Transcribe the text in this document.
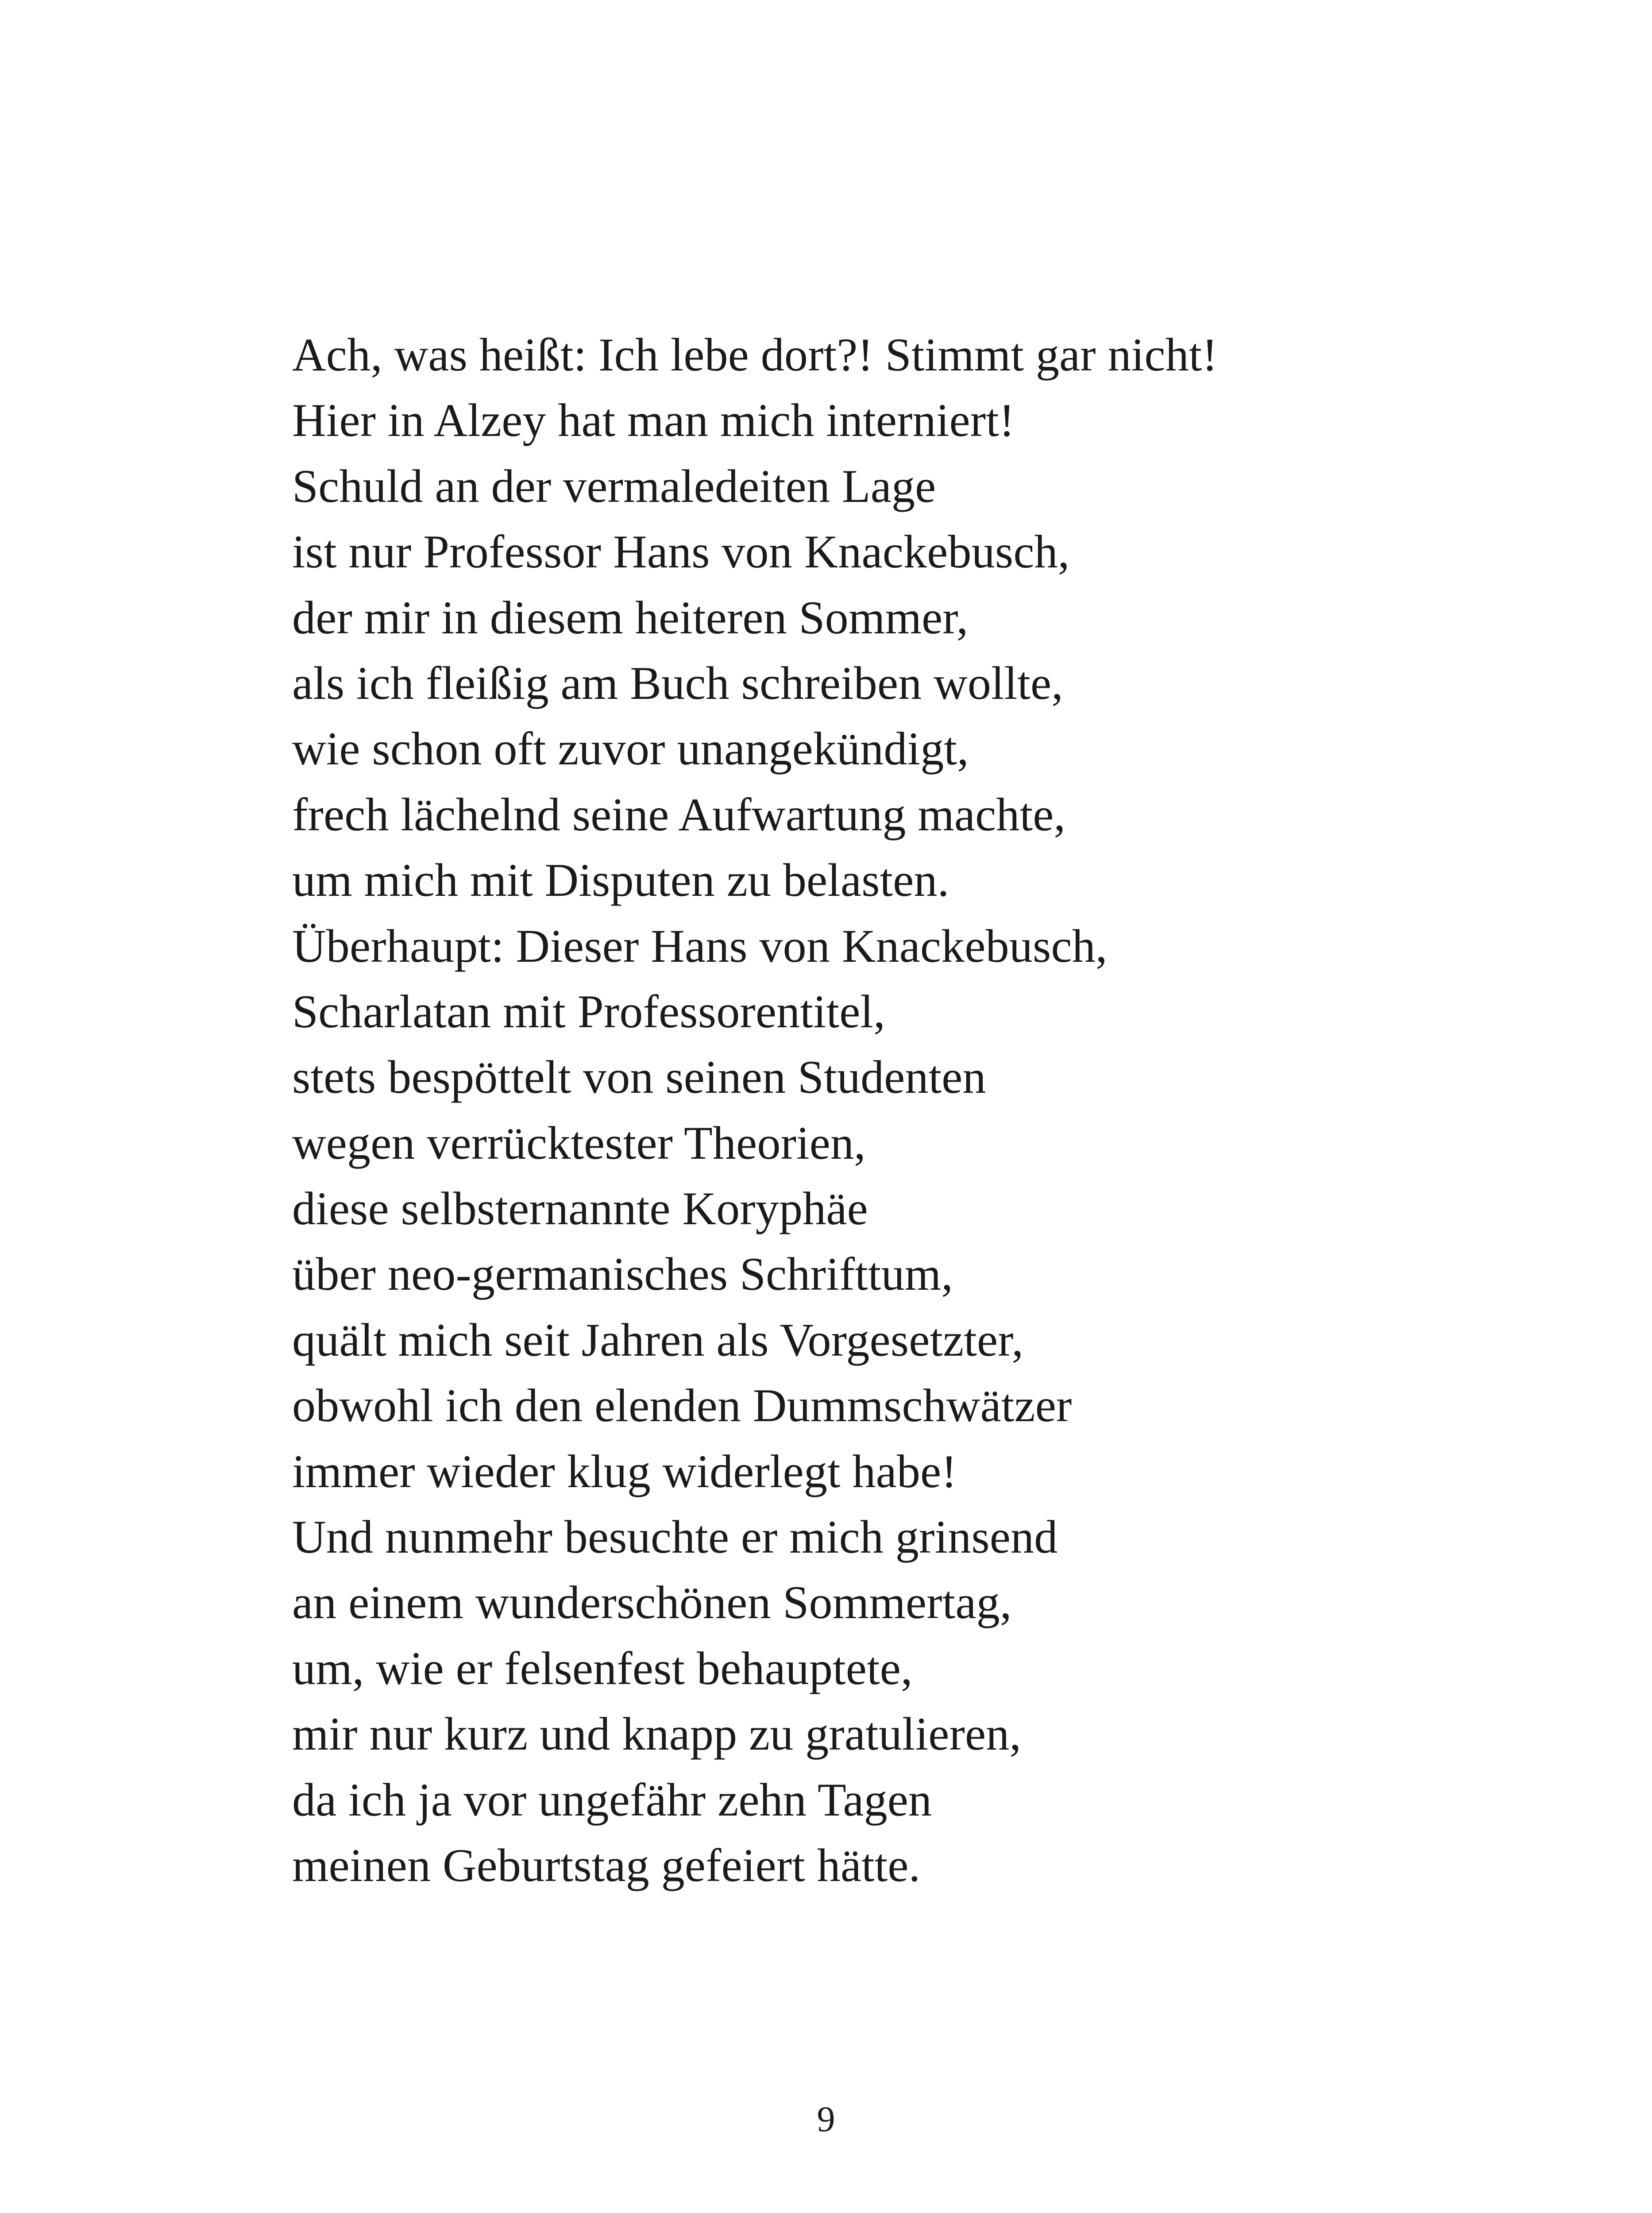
Ach, was heißt: Ich lebe dort?! Stimmt gar nicht!
Hier in Alzey hat man mich interniert!
Schuld an der vermaledeiten Lage
ist nur Professor Hans von Knackebusch,
der mir in diesem heiteren Sommer,
als ich fleißig am Buch schreiben wollte,
wie schon oft zuvor unangekündigt,
frech lächelnd seine Aufwartung machte,
um mich mit Disputen zu belasten.
Überhaupt: Dieser Hans von Knackebusch,
Scharlatan mit Professorentitel,
stets bespöttelt von seinen Studenten
wegen verrücktester Theorien,
diese selbsternannte Koryphäe
über neo-germanisches Schrifttum,
quält mich seit Jahren als Vorgesetzter,
obwohl ich den elenden Dummschwätzer
immer wieder klug widerlegt habe!
Und nunmehr besuchte er mich grinsend
an einem wunderschönen Sommertag,
um, wie er felsenfest behauptete,
mir nur kurz und knapp zu gratulieren,
da ich ja vor ungefähr zehn Tagen
meinen Geburtstag gefeiert hätte.
9
